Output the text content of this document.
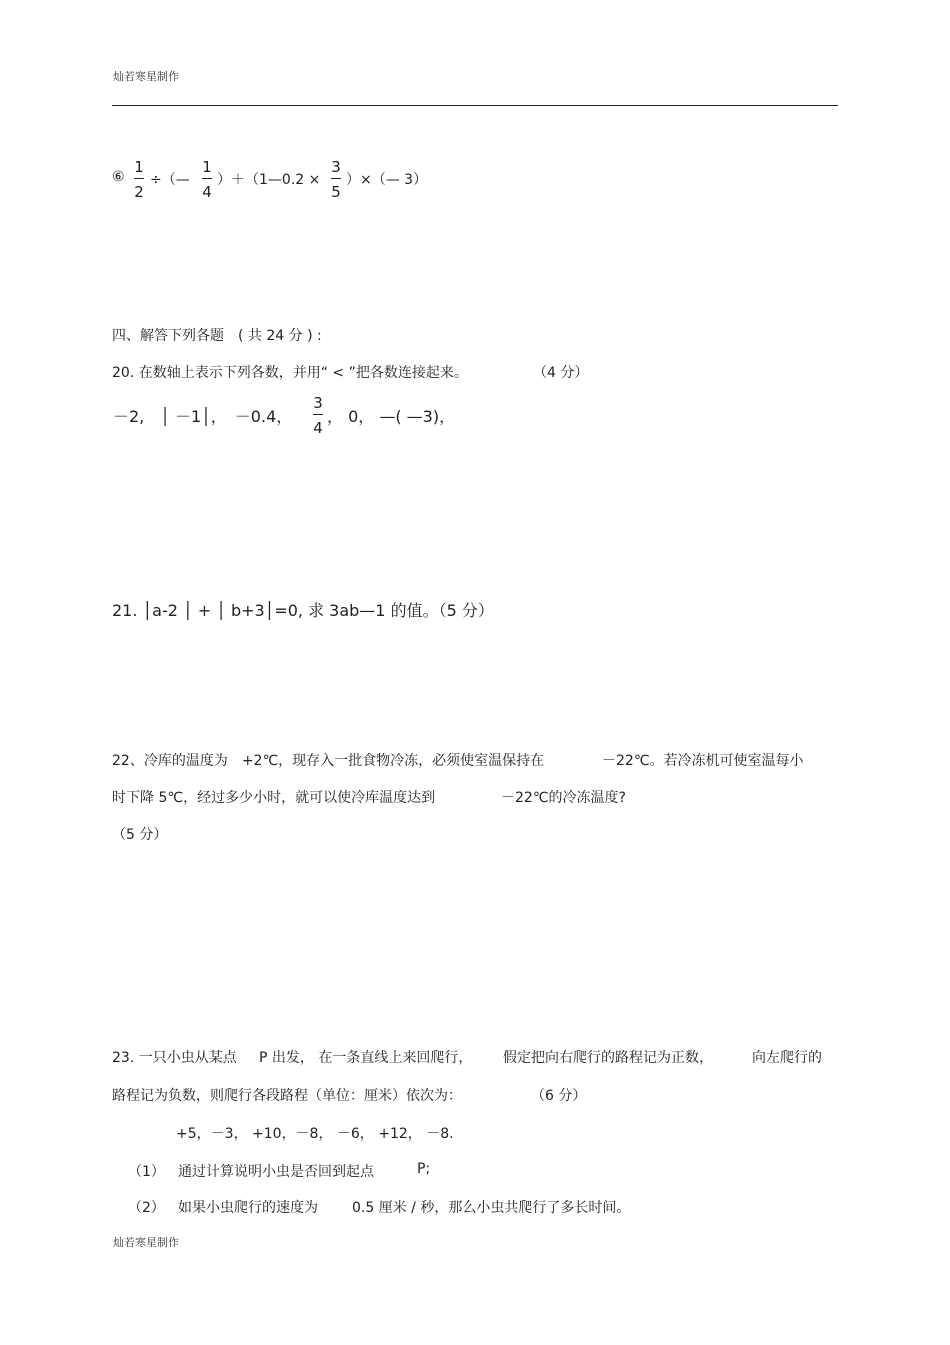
灿若寒星制作
⑥
1
2
÷（—
1
4
）＋（1—0.2 ×
3
5
）×（— 3）
四、解答下列各题　( 共 24 分 ) :
20. 在数轴上表示下列各数，并用“ < ”把各数连接起来。	（4 分）
－2,　│ －1│，　－0.4，
3
4
， 0， —( —3)，
21. │a-2 │ + │ b+3│=0, 求 3ab—1 的值。（5 分）
22、冷库的温度为　+2℃，现存入一批食物冷冻，必须使室温保持在	－22℃。若冷冻机可使室温每小
时下降 5℃，经过多少小时，就可以使冷库温度达到	－22℃的冷冻温度?
（5 分）
23. 一只小虫从某点 P 出发， 在一条直线上来回爬行， 假定把向右爬行的路程记为正数，	向左爬行的
路程记为负数，则爬行各段路程（单位：厘米）依次为：	（6 分）
+5，－3， +10，－8， －6， +12， －8.
（1） 通过计算说明小虫是否回到起点	P;
（2） 如果小虫爬行的速度为 0.5 厘米 / 秒，那么小虫共爬行了多长时间。
灿若寒星制作
